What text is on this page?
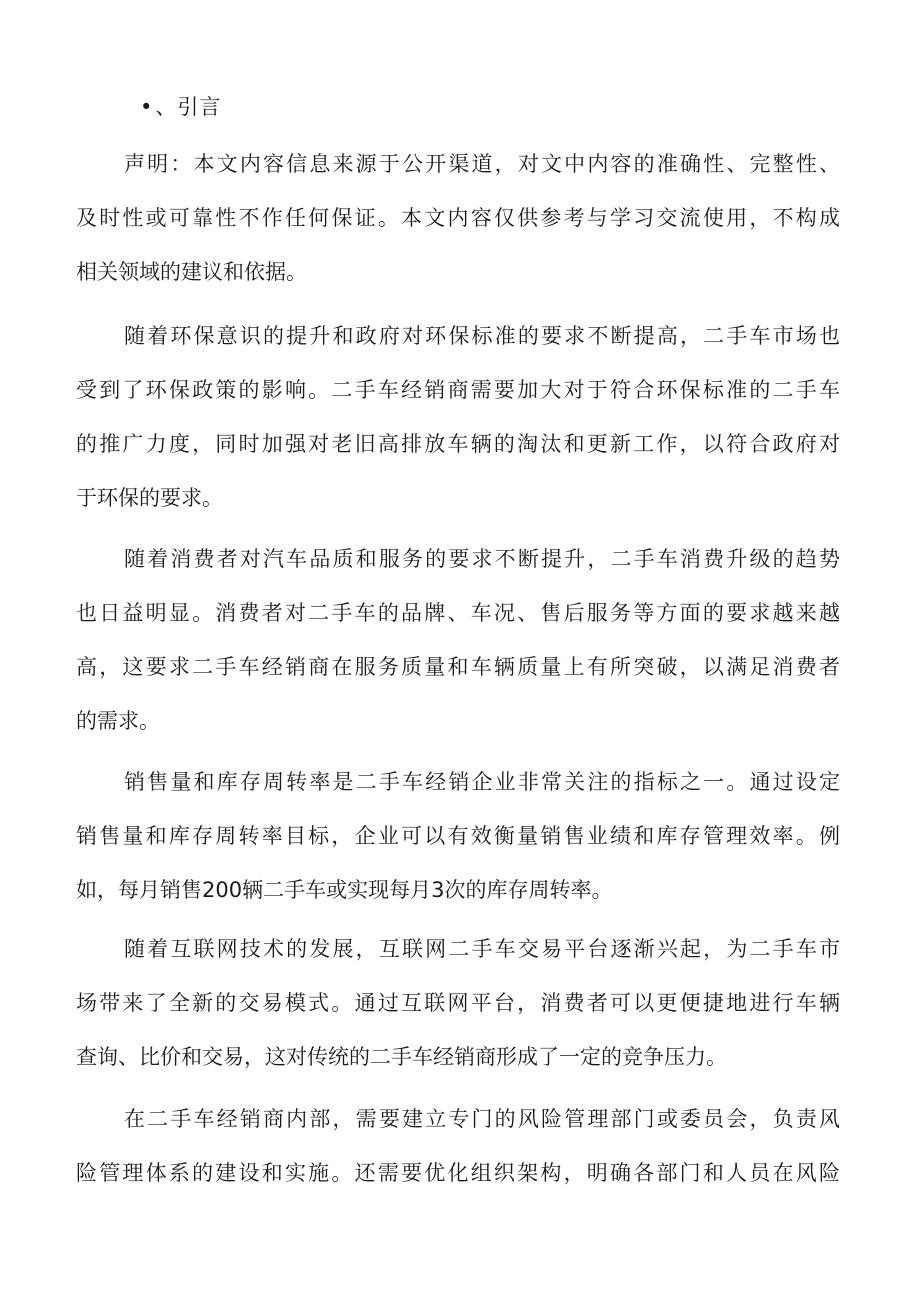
•、引言
声明：本文内容信息来源于公开渠道，对文中内容的准确性、完整性、
及时性或可靠性不作任何保证。本文内容仅供参考与学习交流使用，不构成
相关领域的建议和依据。
随着环保意识的提升和政府对环保标准的要求不断提高，二手车市场也
受到了环保政策的影响。二手车经销商需要加大对于符合环保标准的二手车
的推广力度，同时加强对老旧高排放车辆的淘汰和更新工作，以符合政府对
于环保的要求。
随着消费者对汽车品质和服务的要求不断提升，二手车消费升级的趋势
也日益明显。消费者对二手车的品牌、车况、售后服务等方面的要求越来越
高，这要求二手车经销商在服务质量和车辆质量上有所突破，以满足消费者
的需求。
销售量和库存周转率是二手车经销企业非常关注的指标之一。通过设定
销售量和库存周转率目标，企业可以有效衡量销售业绩和库存管理效率。例
如，每月销售200辆二手车或实现每月3次的库存周转率。
随着互联网技术的发展，互联网二手车交易平台逐渐兴起，为二手车市
场带来了全新的交易模式。通过互联网平台，消费者可以更便捷地进行车辆
查询、比价和交易，这对传统的二手车经销商形成了一定的竞争压力。
在二手车经销商内部，需要建立专门的风险管理部门或委员会，负责风
险管理体系的建设和实施。还需要优化组织架构，明确各部门和人员在风险
